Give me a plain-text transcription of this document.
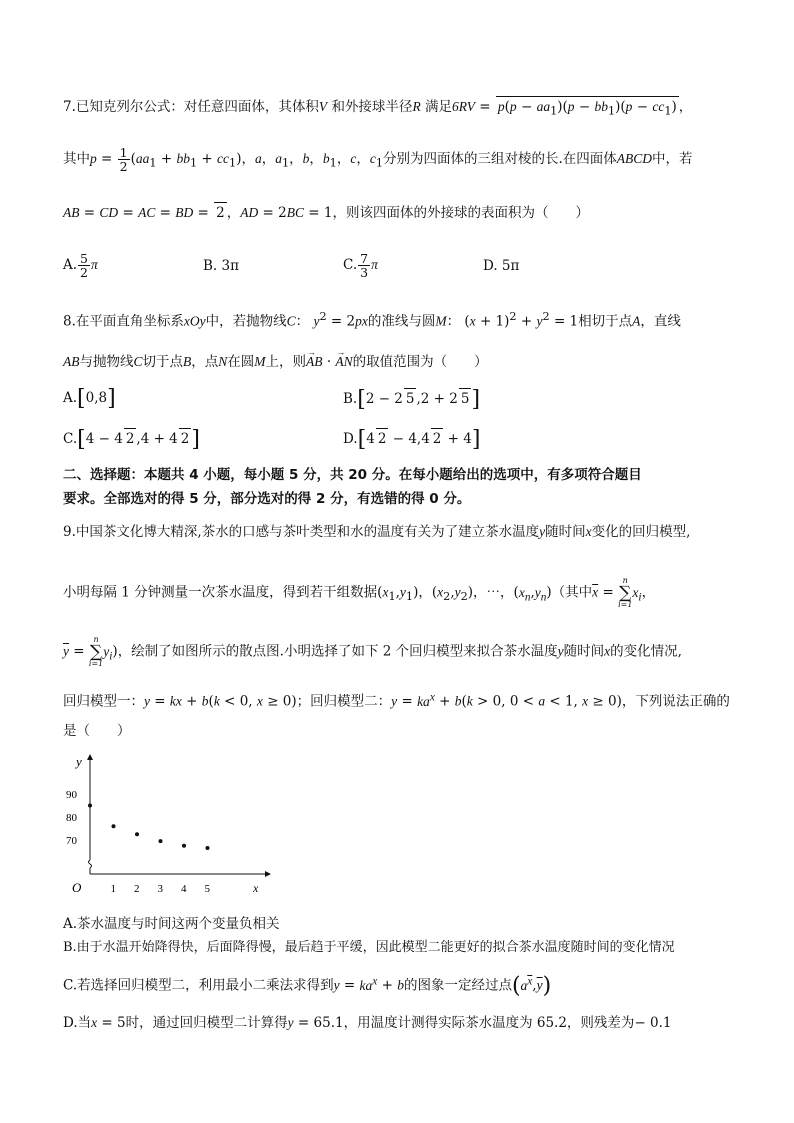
7.已知克列尔公式：对任意四面体，其体积V 和外接球半径R 满足$6RV = p(p - aa_1)(p - bb_1)(p - cc_1)$ ，
其中$p = \frac{1}{2} (aa_1 + bb_1 + cc_1)$，a，$a_1$，b，$b_1$，c，$c_1$分别为四面体的三组对棱的长.在四面体ABCD中，若
AB = CD = AC = BD = 2 ，AD = 2BC = 1，则该四面体的外接球的表面积为（　　）
A. $\frac{5}{2}$ π	B. 3π	C. $\frac{7}{3}$ π	D. 5π
8.在平面直角坐标系xOy中，若抛物线C： $y^2 = 2px$的准线与圆M： $(x + 1)^2 + y^2 = 1$相切于点A，直线
AB与抛物线C切于点B，点N在圆M上，则→ AB · → AN的取值范围为（　　）
A.[0,8]	B.[2 − 2 5 ,2 + 2 5]
C.[4 − 4 2 ,4 + 4 2]	D.[4 2 − 4,4 2 + 4]
二、选择题：本题共 4 小题，每小题 5 分，共 20 分。在每小题给出的选项中，有多项符合题目
要求。全部选对的得 5 分，部分选对的得 2 分，有选错的得 0 分。
9.中国茶文化博大精深,茶水的口感与茶叶类型和水的温度有关为了建立茶水温度y随时间x变化的回归模型,
小明每隔 1 分钟测量一次茶水温度，得到若干组数据$(x_1,y_1)$，$(x_2,y_2)$，⋯，$(x_n,y_n)$（其中$\overline{x}$ =
n
∑
i=1
$x_i$，
$\overline{y}$ =
n
∑
i=1
$y_i$)，绘制了如图所示的散点图.小明选择了如下 2 个回归模型来拟合茶水温度y随时间x的变化情况,
回归模型一：y = kx + b(k < 0, x ≥ 0)；回归模型二：$y = ka^x + b(k > 0$, 0 < a < 1, x ≥ 0)，下列说法正确的
是（　　）
y
x
O	1 2 3 4 5
70
80
90
A.茶水温度与时间这两个变量负相关
B.由于水温开始降得快，后面降得慢，最后趋于平缓，因此模型二能更好的拟合茶水温度随时间的变化情况
C.若选择回归模型二，利用最小二乘法求得到$y = ka^x + b$的图象一定经过点$(a^{\overline{x}},\overline{y})$
D.当x = 5时，通过回归模型二计算得y = 65.1，用温度计测得实际茶水温度为 65.2，则残差为− 0.1
